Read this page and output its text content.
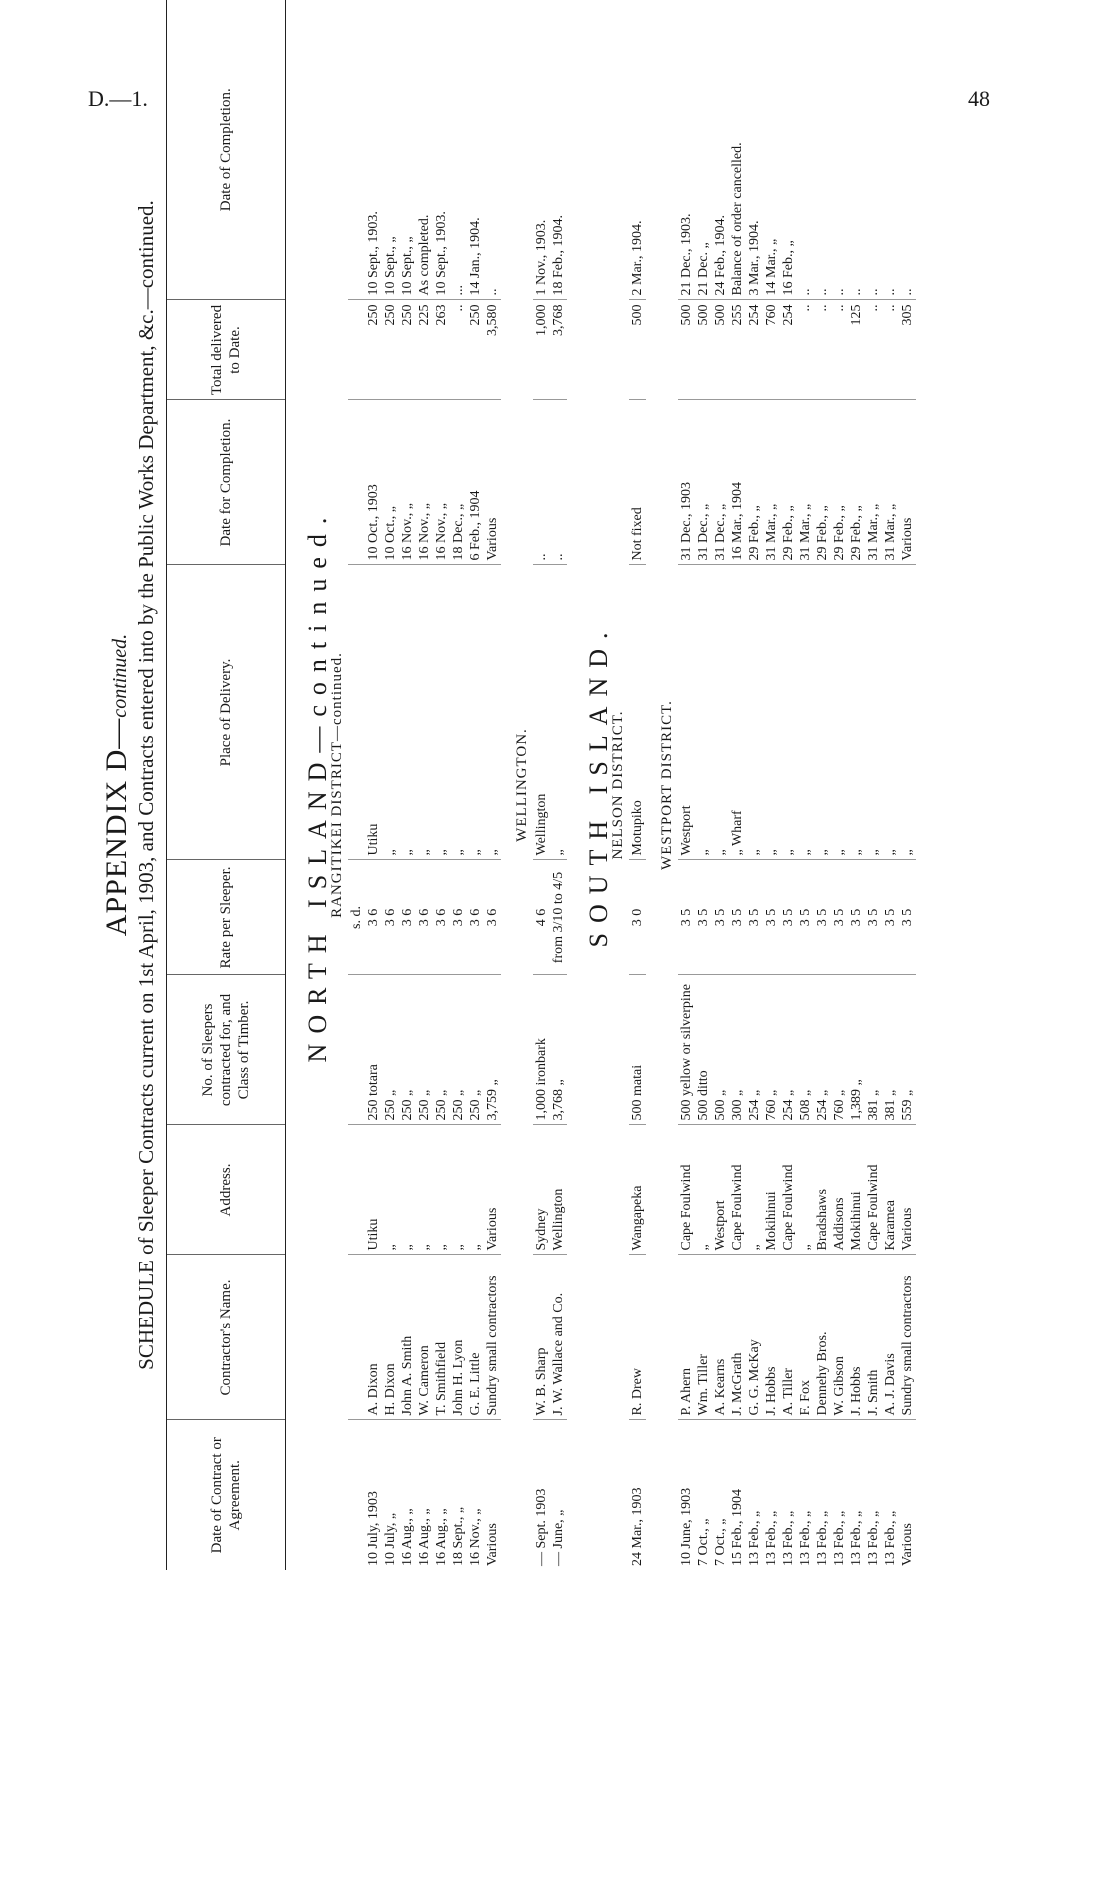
D.—1.	48
APPENDIX D—continued. SCHEDULE of Sleeper Contracts current on 1st April, 1903, and Contracts entered into by the Public Works Department, &c.—continued.
Date of Contract or Agreement.	Contractor's Name.	Address.	No. of Sleepers contracted for, and Class of Timber.	Rate per Sleeper.	Place of Delivery.	Date for Completion.	Total delivered to Date.	Date of Completion.
NORTH ISLAND—continued.								
RANGITIKEI DISTRICT—continued.								
				s. d.				
10 July, 1903	A. Dixon	Utiku	250 totara	3 6	Utiku	10 Oct., 1903	250	10 Sept., 1903.
10 July, „	H. Dixon	„	250 „	3 6	„	10 Oct., „	250	10 Sept., „
16 Aug., „	John A. Smith	„	250 „	3 6	„	16 Nov., „	250	10 Sept., „
16 Aug., „	W. Cameron	„	250 „	3 6	„	16 Nov., „	225	As completed.
16 Aug., „	T. Smithfield	„	250 „	3 6	„	16 Nov., „	263	10 Sept., 1903.
18 Sept., „	John H. Lyon	„	250 „	3 6	„	18 Dec., „	..	...
16 Nov., „	G. E. Little	„	250 „	3 6	„	6 Feb., 1904	250	14 Jan., 1904.
Various	Sundry small contractors	Various	3,759 „	3 6	„	Various	3,580	..

WELLINGTON.								
— Sept. 1903	W. B. Sharp	Sydney	1,000 ironbark	4 6	Wellington	..	1,000	1 Nov., 1903.
— June, „	J. W. Wallace and Co.	Wellington	3,768 „	from 3/10 to 4/5	„	..	3,768	18 Feb., 1904.
SOUTH ISLAND.								
NELSON DISTRICT.								
24 Mar., 1903	R. Drew	Wangapeka	500 matai	3 0	Motupiko	Not fixed	500	2 Mar., 1904.

WESTPORT DISTRICT.								
10 June, 1903	P. Ahern	Cape Foulwind	500 yellow or silverpine	3 5	Westport	31 Dec., 1903	500	21 Dec., 1903.
7 Oct., „	Wm. Tiller	„	500 ditto	3 5	„	31 Dec., „	500	21 Dec. „
7 Oct., „	A. Kearns	Westport	500 „	3 5	„	31 Dec., „	500	24 Feb., 1904.
15 Feb., 1904	J. McGrath	Cape Foulwind	300 „	3 5	„ Wharf	16 Mar., 1904	255	Balance of order cancelled.
13 Feb., „	G. G. McKay	„	254 „	3 5	„	29 Feb., „	254	3 Mar., 1904.
13 Feb., „	J. Hobbs	Mokihinui	760 „	3 5	„	31 Mar., „	760	14 Mar., „
13 Feb., „	A. Tiller	Cape Foulwind	254 „	3 5	„	29 Feb., „	254	16 Feb., „
13 Feb., „	F. Fox	„	508 „	3 5	„	31 Mar., „	..	..
13 Feb., „	Dennehy Bros.	Bradshaws	254 „	3 5	„	29 Feb., „	..	..
13 Feb., „	W. Gibson	Addisons	760 „	3 5	„	29 Feb., „	..	..
13 Feb., „	J. Hobbs	Mokihinui	1,389 „	3 5	„	29 Feb., „	125	..
13 Feb., „	J. Smith	Cape Foulwind	381 „	3 5	„	31 Mar., „	..	..
13 Feb., „	A. J. Davis	Karamea	381 „	3 5	„	31 Mar., „	..	..
Various	Sundry small contractors	Various	559 „	3 5	„	Various	305	..
